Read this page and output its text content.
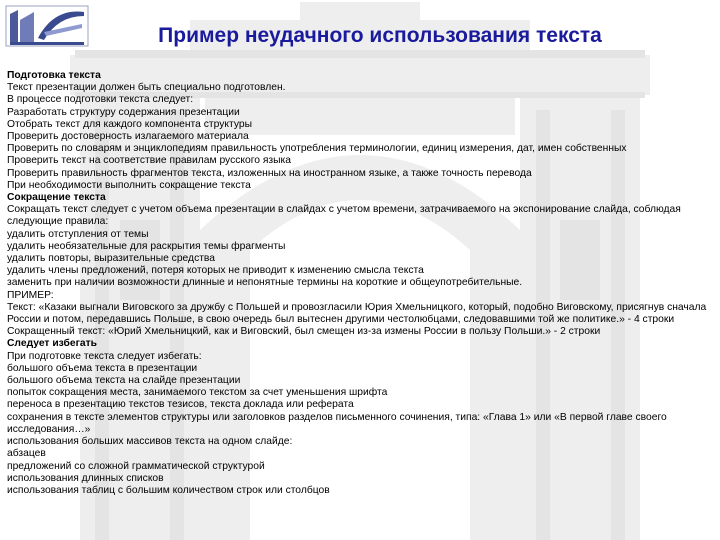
Пример неудачного использования текста
Подготовка текста
Текст презентации должен быть специально подготовлен.
В процессе подготовки текста следует:
Разработать структуру содержания презентации
Отобрать текст для каждого компонента структуры
Проверить достоверность излагаемого материала
Проверить по словарям и энциклопедиям правильность употребления терминологии, единиц измерения, дат, имен собственных
Проверить текст на соответствие правилам русского языка
Проверить правильность фрагментов текста, изложенных на иностранном языке, а также точность перевода
При необходимости выполнить сокращение текста
Сокращение текста
Сокращать текст следует с учетом объема презентации в слайдах с учетом времени, затрачиваемого на экспонирование слайда, соблюдая следующие правила:
удалить отступления от темы
удалить необязательные для раскрытия темы фрагменты
удалить повторы, выразительные средства
удалить члены предложений, потеря которых не приводит к изменению смысла текста
заменить при наличии возможности длинные и непонятные термины на короткие и общеупотребительные.
ПРИМЕР:
Текст: «Казаки выгнали Виговского за дружбу с Польшей и провозгласили Юрия Хмельницкого, который, подобно Виговскому, присягнув сначала России и потом, передавшись Польше, в свою очередь был вытеснен другими честолюбцами, следовавшими той же политике.» - 4 строки
Сокращенный текст: «Юрий Хмельницкий, как и Виговский, был смещен из-за измены России в пользу Польши.» - 2 строки
Следует избегать
При подготовке текста следует избегать:
большого объема текста в презентации
большого объема текста на слайде презентации
попыток сокращения места, занимаемого текстом за счет уменьшения шрифта
переноса в презентацию текстов тезисов, текста доклада или реферата
сохранения в тексте элементов структуры или заголовков разделов письменного сочинения, типа: «Глава 1» или «В первой главе своего исследования…»
использования больших массивов текста на одном слайде:
абзацев
предложений со сложной грамматической структурой
использования длинных списков
использования таблиц с большим количеством строк или столбцов
